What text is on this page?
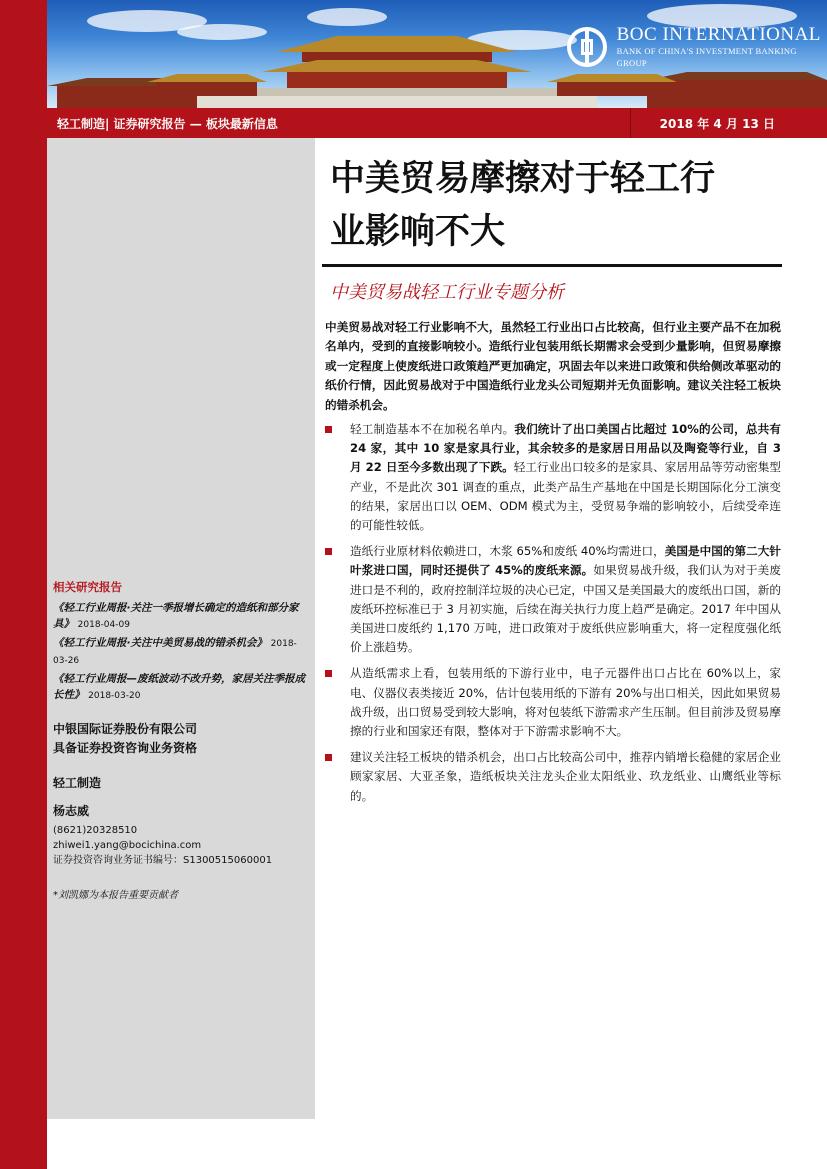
BOC INTERNATIONAL
BANK OF CHINA'S INVESTMENT BANKING GROUP
轻工制造| 证券研究报告 — 板块最新信息	2018 年 4 月 13 日
相关研究报告
《轻工行业周报·关注一季报增长确定的造纸和部分家具》 2018-04-09
《轻工行业周报·关注中美贸易战的错杀机会》 2018-03-26
《轻工行业周报—废纸波动不改升势，家居关注季报成长性》 2018-03-20
中银国际证券股份有限公司
具备证券投资咨询业务资格
轻工制造
杨志威
(8621)20328510
zhiwei1.yang@bocichina.com
证券投资咨询业务证书编号：S1300515060001
*刘凯娜为本报告重要贡献者
中美贸易摩擦对于轻工行
业影响不大
中美贸易战轻工行业专题分析
中美贸易战对轻工行业影响不大，虽然轻工行业出口占比较高，但行业主要产品不在加税名单内，受到的直接影响较小。造纸行业包装用纸长期需求会受到少量影响，但贸易摩擦或一定程度上使废纸进口政策趋严更加确定，巩固去年以来进口政策和供给侧改革驱动的纸价行情，因此贸易战对于中国造纸行业龙头公司短期并无负面影响。建议关注轻工板块的错杀机会。
轻工制造基本不在加税名单内。我们统计了出口美国占比超过 10%的公司，总共有 24 家，其中 10 家是家具行业，其余较多的是家居日用品以及陶瓷等行业，自 3 月 22 日至今多数出现了下跌。轻工行业出口较多的是家具、家居用品等劳动密集型产业，不是此次 301 调查的重点，此类产品生产基地在中国是长期国际化分工演变的结果，家居出口以 OEM、ODM 模式为主，受贸易争端的影响较小，后续受牵连的可能性较低。
造纸行业原材料依赖进口，木浆 65%和废纸 40%均需进口，美国是中国的第二大针叶浆进口国，同时还提供了 45%的废纸来源。如果贸易战升级，我们认为对于美废进口是不利的，政府控制洋垃圾的决心已定，中国又是美国最大的废纸出口国，新的废纸环控标准已于 3 月初实施，后续在海关执行力度上趋严是确定。2017 年中国从美国进口废纸约 1,170 万吨，进口政策对于废纸供应影响重大，将一定程度强化纸价上涨趋势。
从造纸需求上看，包装用纸的下游行业中，电子元器件出口占比在 60%以上，家电、仪器仪表类接近 20%，估计包装用纸的下游有 20%与出口相关，因此如果贸易战升级，出口贸易受到较大影响，将对包装纸下游需求产生压制。但目前涉及贸易摩擦的行业和国家还有限，整体对于下游需求影响不大。
建议关注轻工板块的错杀机会，出口占比较高公司中，推荐内销增长稳健的家居企业顾家家居、大亚圣象，造纸板块关注龙头企业太阳纸业、玖龙纸业、山鹰纸业等标的。
